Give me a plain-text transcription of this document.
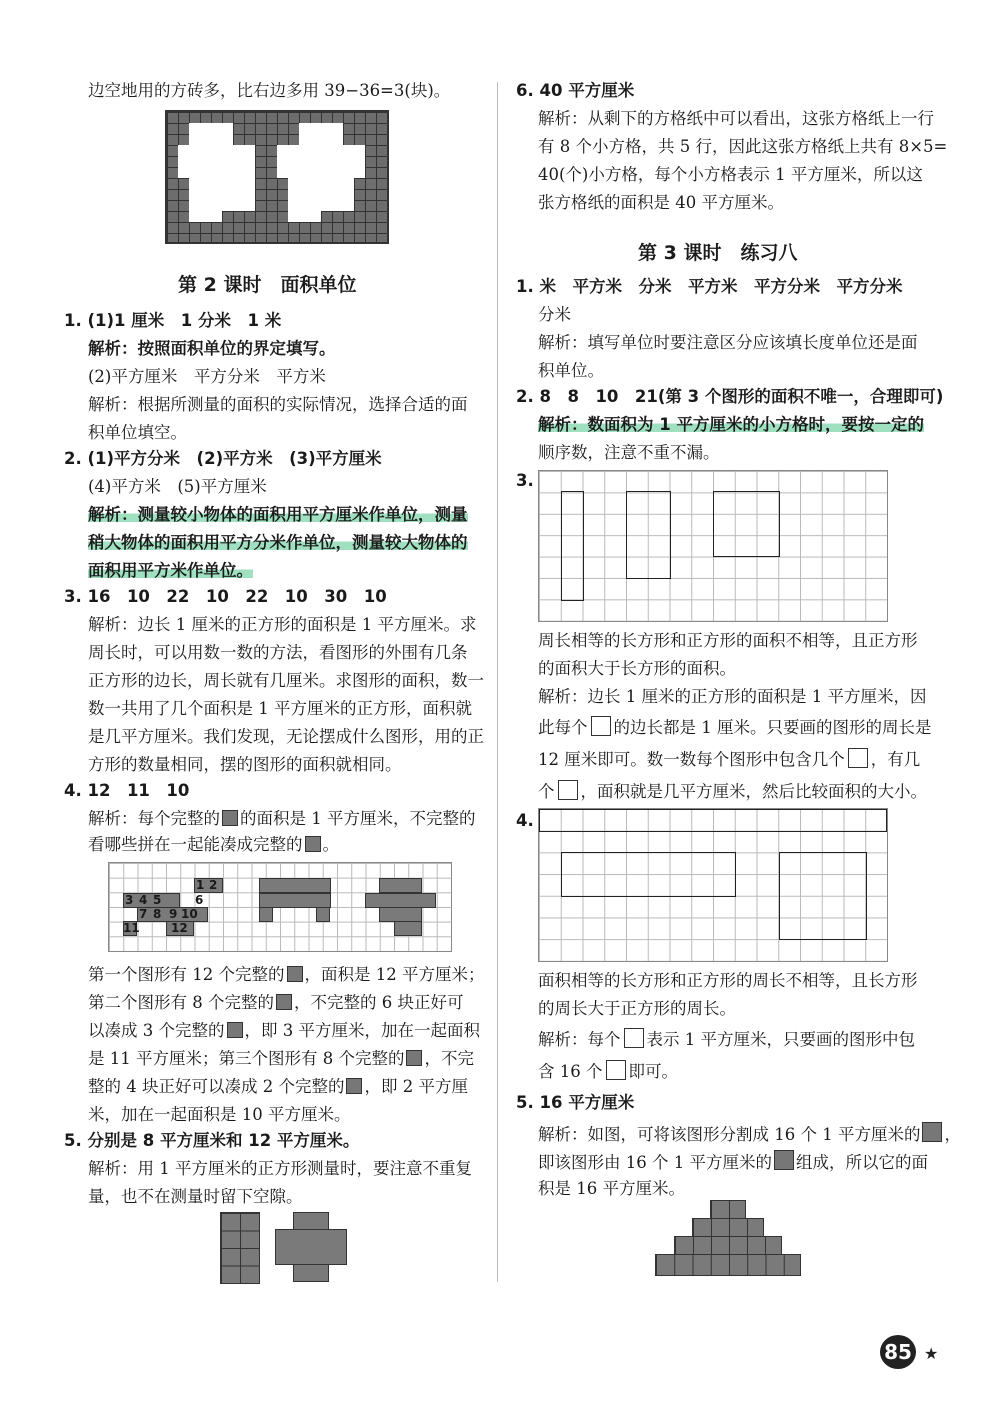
边空地用的方砖多，比右边多用 39−36=3(块)。
第 2 课时　面积单位
1. (1)1 厘米　1 分米　1 米
解析：按照面积单位的界定填写。
(2)平方厘米　平方分米　平方米
解析：根据所测量的面积的实际情况，选择合适的面
积单位填空。
2. (1)平方分米　(2)平方米　(3)平方厘米
(4)平方米　(5)平方厘米
解析：测量较小物体的面积用平方厘米作单位，测量
稍大物体的面积用平方分米作单位，测量较大物体的
面积用平方米作单位。
3. 16　10　22　10　22　10　30　10
解析：边长 1 厘米的正方形的面积是 1 平方厘米。求
周长时，可以用数一数的方法，看图形的外围有几条
正方形的边长，周长就有几厘米。求图形的面积，数一
数一共用了几个面积是 1 平方厘米的正方形，面积就
是几平方厘米。我们发现，无论摆成什么图形，用的正
方形的数量相同，摆的图形的面积就相同。
4. 12　11　10
解析：每个完整的 的面积是 1 平方厘米，不完整的
看哪些拼在一起能凑成完整的 。
1 2
3 4 5	6
7 8 9 10
11	12
第一个图形有 12 个完整的 ，面积是 12 平方厘米；
第二个图形有 8 个完整的 ，不完整的 6 块正好可
以凑成 3 个完整的 ，即 3 平方厘米，加在一起面积
是 11 平方厘米；第三个图形有 8 个完整的 ，不完
整的 4 块正好可以凑成 2 个完整的 ，即 2 平方厘
米，加在一起面积是 10 平方厘米。
5. 分别是 8 平方厘米和 12 平方厘米。
解析：用 1 平方厘米的正方形测量时，要注意不重复
量，也不在测量时留下空隙。
6. 40 平方厘米
解析：从剩下的方格纸中可以看出，这张方格纸上一行
有 8 个小方格，共 5 行，因此这张方格纸上共有 8×5=
40(个)小方格，每个小方格表示 1 平方厘米，所以这
张方格纸的面积是 40 平方厘米。
第 3 课时　练习八
1. 米　平方米　分米　平方米　平方分米　平方分米
分米
解析：填写单位时要注意区分应该填长度单位还是面
积单位。
2. 8　8　10　21(第 3 个图形的面积不唯一，合理即可)
解析：数面积为 1 平方厘米的小方格时，要按一定的
顺序数，注意不重不漏。
3.
周长相等的长方形和正方形的面积不相等，且正方形
的面积大于长方形的面积。
解析：边长 1 厘米的正方形的面积是 1 平方厘米，因
此每个 的边长都是 1 厘米。只要画的图形的周长是
12 厘米即可。数一数每个图形中包含几个 ，有几
个 ，面积就是几平方厘米，然后比较面积的大小。
4.
面积相等的长方形和正方形的周长不相等，且长方形
的周长大于正方形的周长。
解析：每个 表示 1 平方厘米，只要画的图形中包
含 16 个 即可。
5. 16 平方厘米
解析：如图，可将该图形分割成 16 个 1 平方厘米的 ，
即该图形由 16 个 1 平方厘米的 组成，所以它的面
积是 16 平方厘米。
85 ★
